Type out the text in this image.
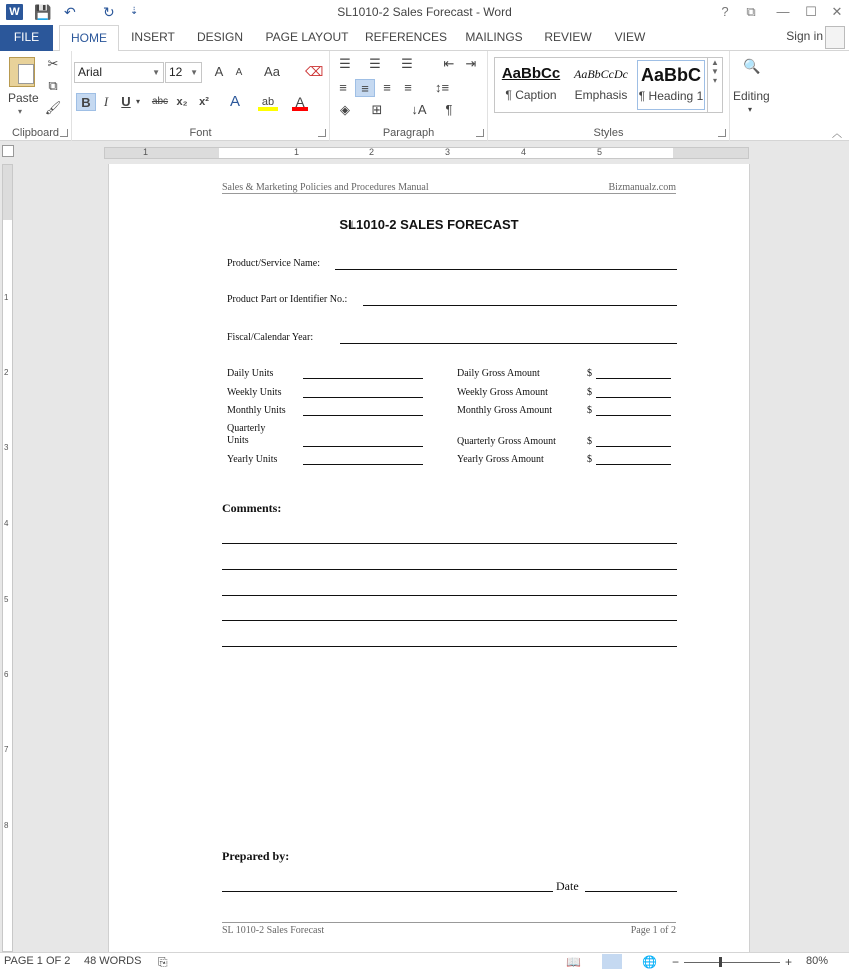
W 💾 ↶ ↻ ⇣	SL1010-2 Sales Forecast - Word	?	⧉	—	☐	✕
FILE	HOME	INSERT	DESIGN	PAGE LAYOUT	REFERENCES	MAILINGS	REVIEW	VIEW	Sign in
Paste
▾
✂
⧉
🖌
Clipboard
Arial	▼ 12 ▼ A	A	Aa	⌫
B	I	U ▾ abc x₂ x² A	ab A
Font
☰	☰	☰	⇤ ⇥
≡	≡	≡	≡	↕≡
◈	⊞	↓A ¶
Paragraph	Styles
AaBbCc
¶ Caption
AaBbCcDc
Emphasis
AaBbC
¶ Heading 1
▲
▼
▾
🔍
Editing
▾
︿
1	1	2	3	4	5
1
2
3
4
5
6
7
8
Sales & Marketing Policies and Procedures Manual	Bizmanualz.com
SL1010-2 SALES FORECAST
Product/Service Name:
Product Part or Identifier No.:
Fiscal/Calendar Year:
Daily Units
Weekly Units
Monthly Units
Quarterly
Units
Yearly Units
Daily Gross Amount	$
Weekly Gross Amount	$
Monthly Gross Amount	$
Quarterly Gross Amount	$
Yearly Gross Amount	$
Comments:
Prepared by:
Date
SL 1010-2 Sales Forecast	Page 1 of 2
PAGE 1 OF 2 48 WORDS ⎘	📖	🌐 −	+ 80%
